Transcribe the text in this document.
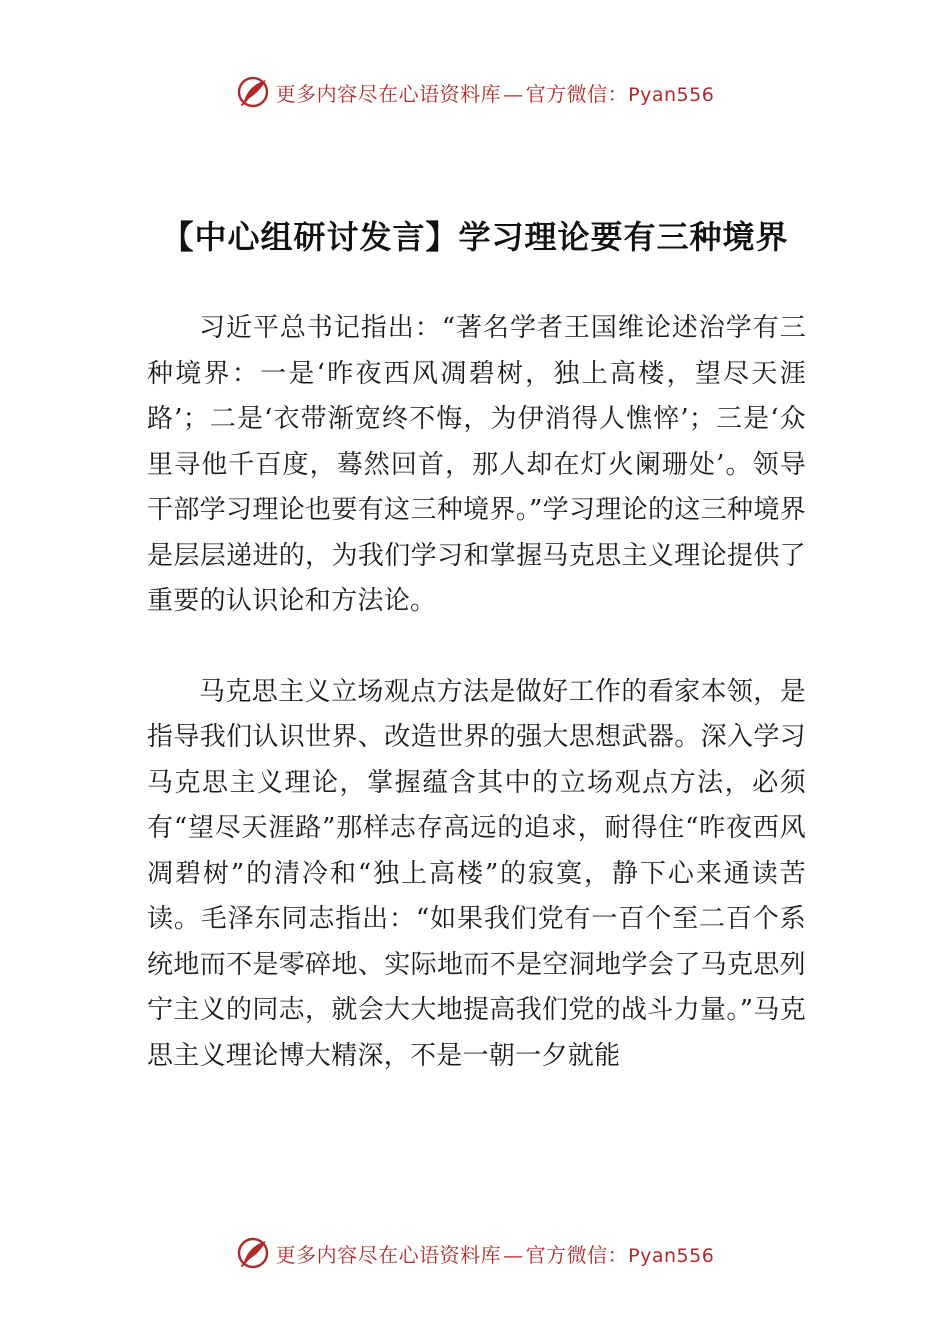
更多内容尽在心语资料库 — 官方微信：Pyan556
【中心组研讨发言】学习理论要有三种境界

习近平总书记指出：“著名学者王国维论述治学有三种境界：一是‘昨夜西风凋碧树，独上高楼，望尽天涯路’；二是‘衣带渐宽终不悔，为伊消得人憔悴’；三是‘众里寻他千百度，蓦然回首，那人却在灯火阑珊处’。领导干部学习理论也要有这三种境界。”学习理论的这三种境界是层层递进的，为我们学习和掌握马克思主义理论提供了重要的认识论和方法论。

马克思主义立场观点方法是做好工作的看家本领，是指导我们认识世界、改造世界的强大思想武器。深入学习马克思主义理论，掌握蕴含其中的立场观点方法，必须有“望尽天涯路”那样志存高远的追求，耐得住“昨夜西风凋碧树”的清冷和“独上高楼”的寂寞，静下心来通读苦读。毛泽东同志指出：“如果我们党有一百个至二百个系统地而不是零碎地、实际地而不是空洞地学会了马克思列宁主义的同志，就会大大地提高我们党的战斗力量。”马克思主义理论博大精深，不是一朝一夕就能

更多内容尽在心语资料库 — 官方微信：Pyan556
